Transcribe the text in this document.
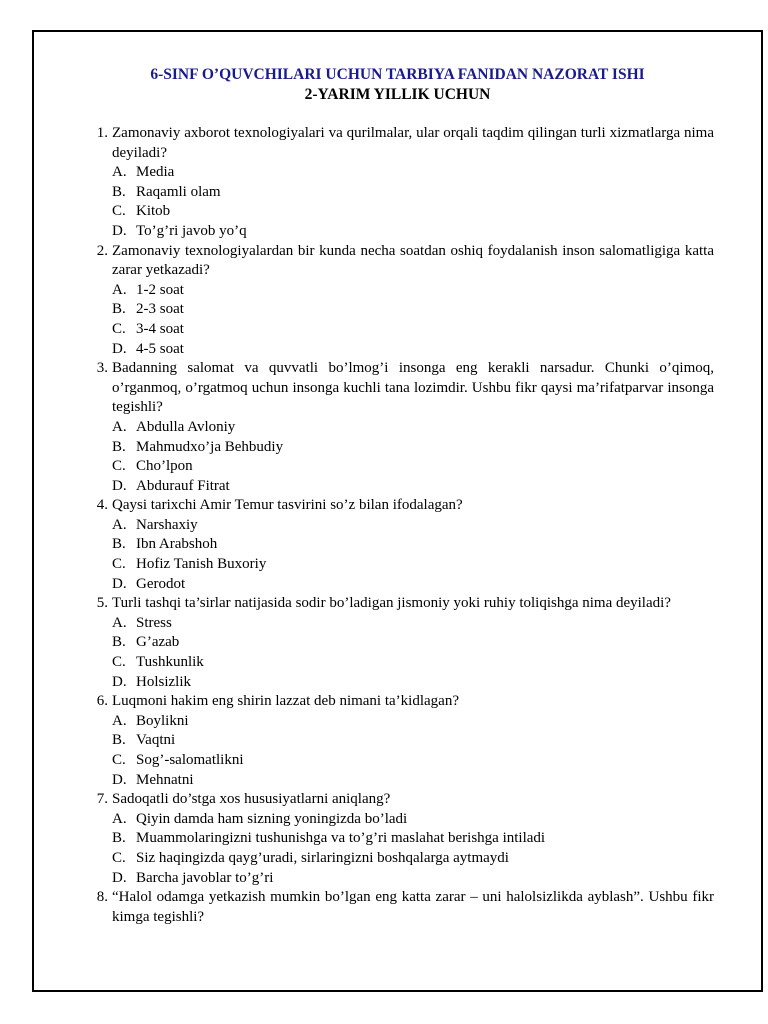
6-SINF O’QUVCHILARI UCHUN TARBIYA FANIDAN NAZORAT ISHI

2-YARIM YILLIK UCHUN

1. Zamonaviy axborot texnologiyalari va qurilmalar, ular orqali taqdim qilingan turli xizmatlarga nima deyiladi?

A. Media
B. Raqamli olam
C. Kitob
D. To’g’ri javob yo’q
2. Zamonaviy texnologiyalardan bir kunda necha soatdan oshiq foydalanish inson salomatligiga katta zarar yetkazadi?

A. 1-2 soat
B. 2-3 soat
C. 3-4 soat
D. 4-5 soat
3. Badanning salomat va quvvatli bo’lmog’i insonga eng kerakli narsadur. Chunki o’qimoq, o’rganmoq, o’rgatmoq uchun insonga kuchli tana lozimdir. Ushbu fikr qaysi ma’rifatparvar insonga tegishli?

A. Abdulla Avloniy
B. Mahmudxo’ja Behbudiy
C. Cho’lpon
D. Abdurauf Fitrat
4. Qaysi tarixchi Amir Temur tasvirini so’z bilan ifodalagan?

A. Narshaxiy
B. Ibn Arabshoh
C. Hofiz Tanish Buxoriy
D. Gerodot
5. Turli tashqi ta’sirlar natijasida sodir bo’ladigan jismoniy yoki ruhiy toliqishga nima deyiladi?

A. Stress
B. G’azab
C. Tushkunlik
D. Holsizlik
6. Luqmoni hakim eng shirin lazzat deb nimani ta’kidlagan?

A. Boylikni
B. Vaqtni
C. Sog’-salomatlikni
D. Mehnatni
7. Sadoqatli do’stga xos hususiyatlarni aniqlang?

A. Qiyin damda ham sizning yoningizda bo’ladi
B. Muammolaringizni tushunishga va to’g’ri maslahat berishga intiladi
C. Siz haqingizda qayg’uradi, sirlaringizni boshqalarga aytmaydi
D. Barcha javoblar to’g’ri
8. “Halol odamga yetkazish mumkin bo’lgan eng katta zarar – uni halolsizlikda ayblash”. Ushbu fikr kimga tegishli?
